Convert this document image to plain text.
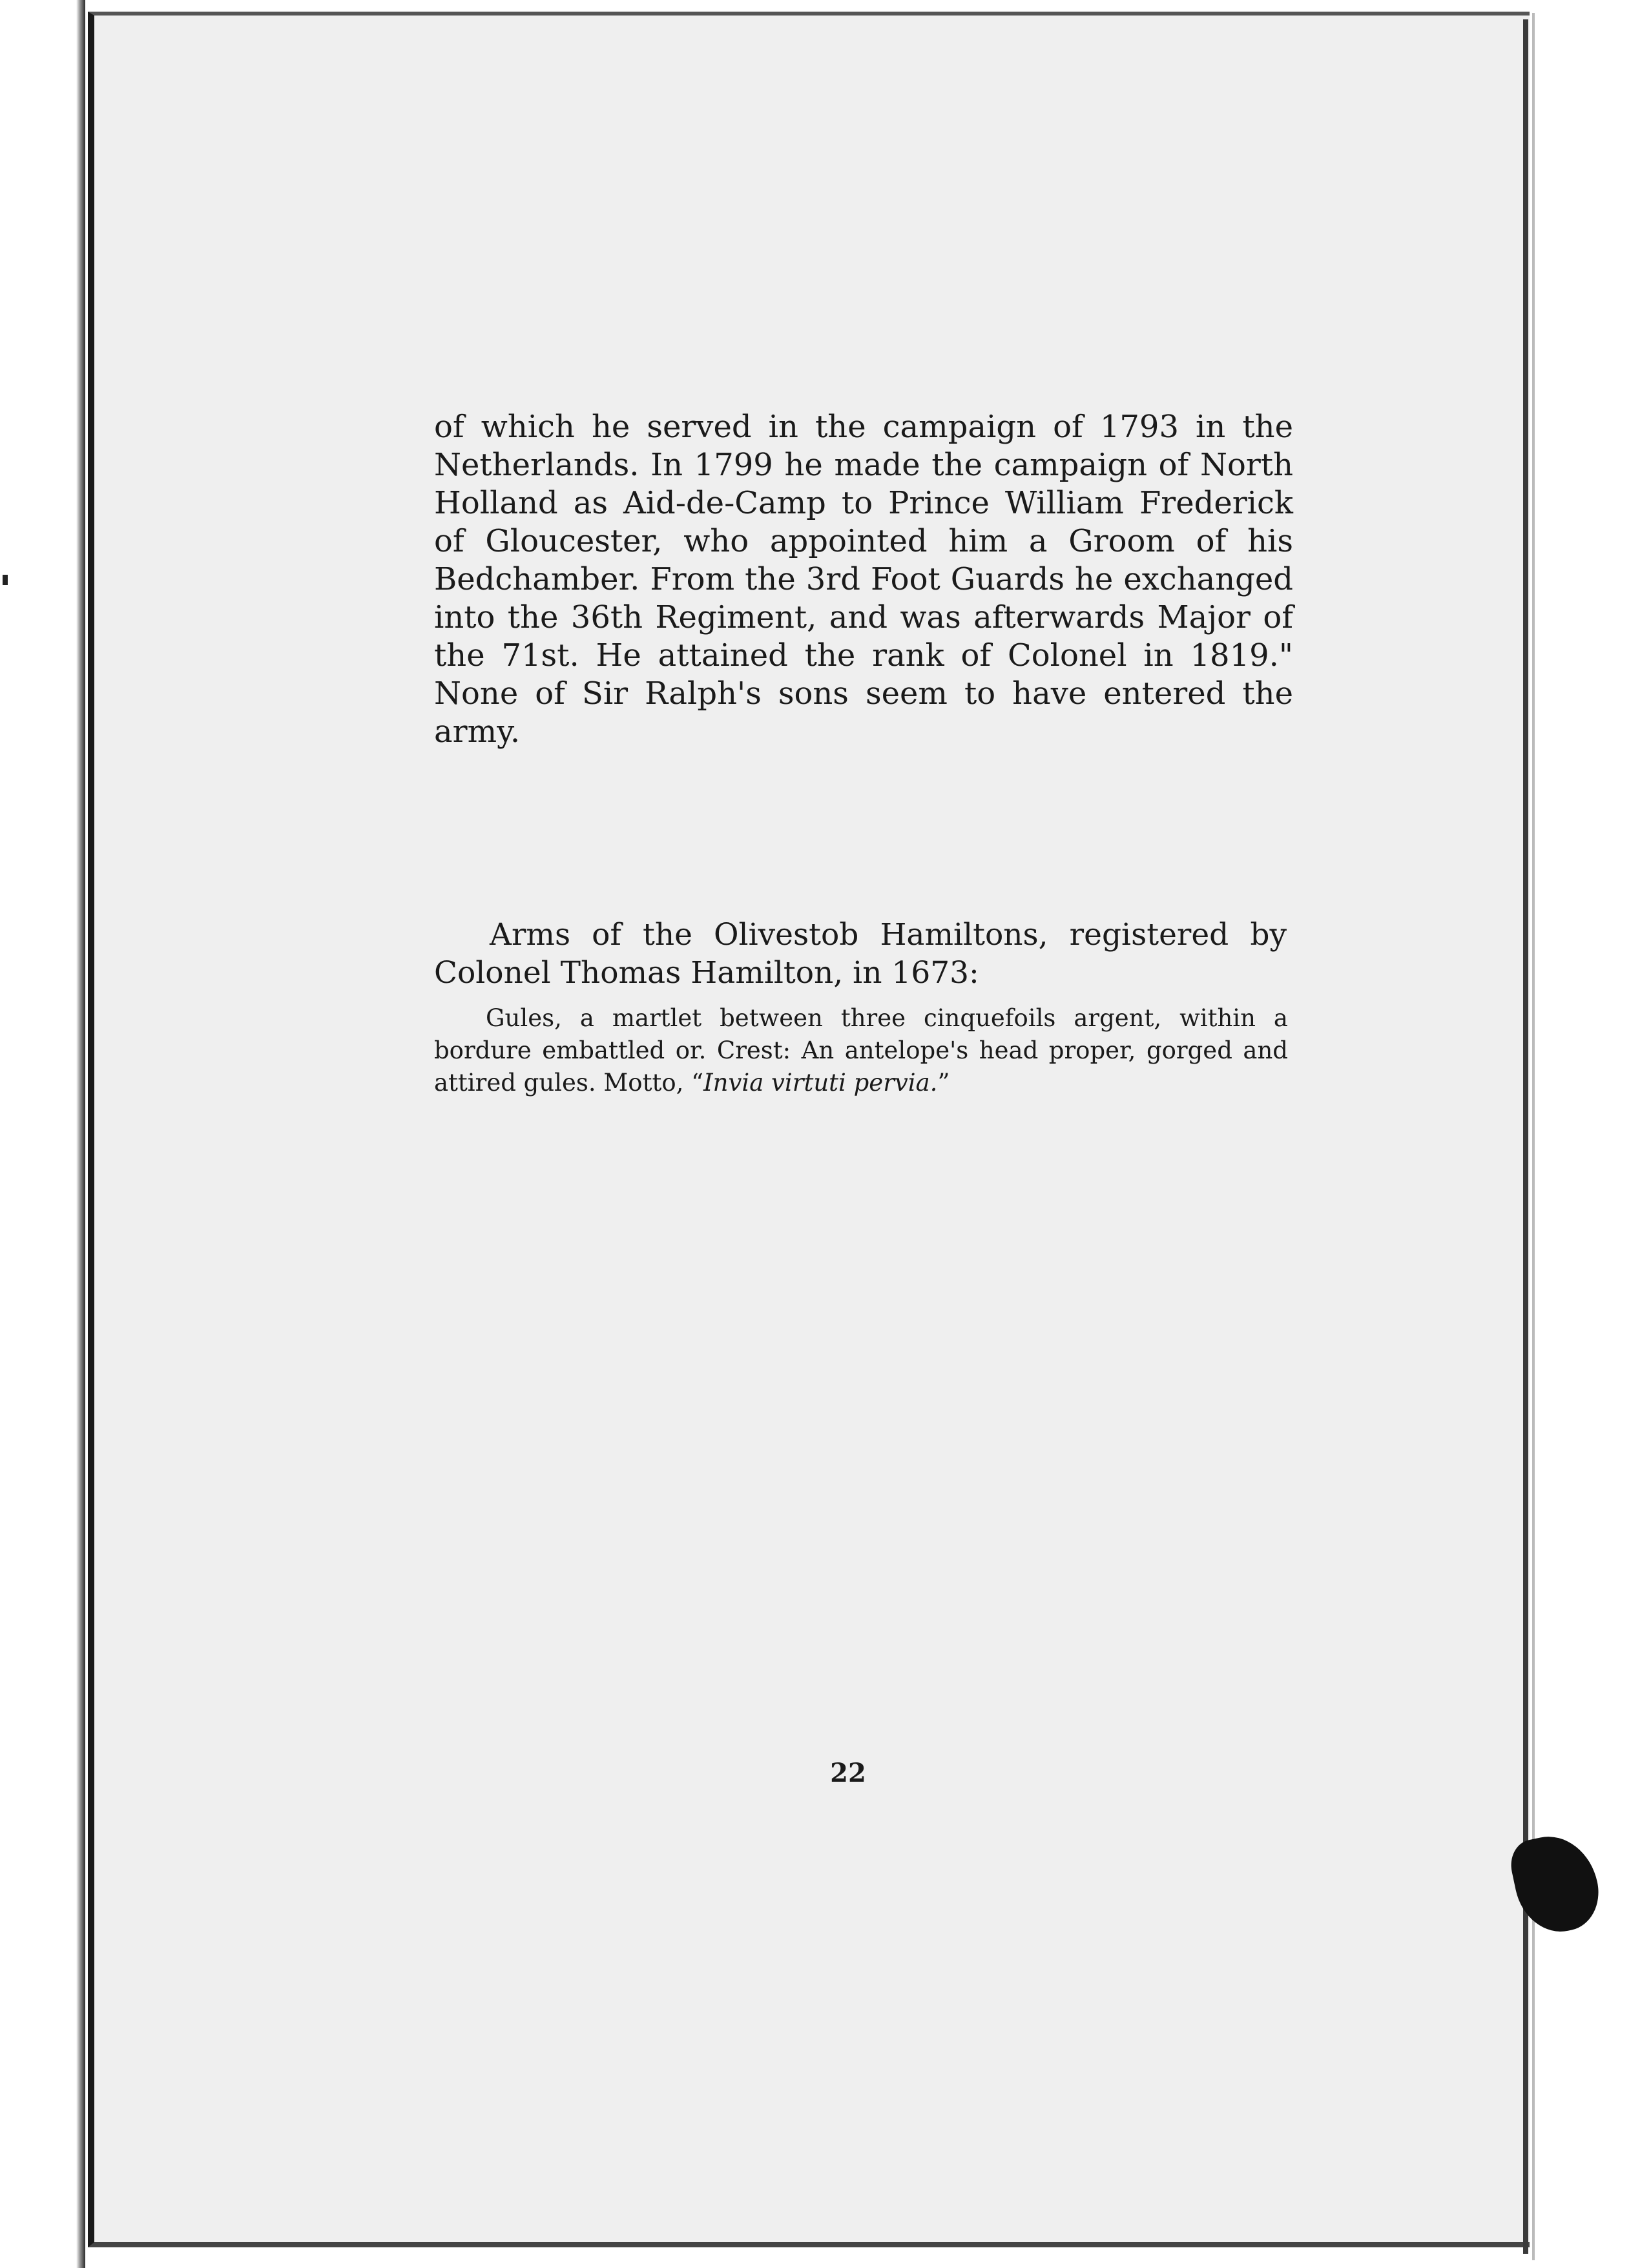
of which he served in the campaign of 1793 in the Netherlands. In 1799 he made the campaign of North Holland as Aid-de-Camp to Prince William Frederick of Gloucester, who appointed him a Groom of his Bedchamber. From the 3rd Foot Guards he exchanged into the 36th Regiment, and was afterwards Major of the 71st. He attained the rank of Colonel in 1819." None of Sir Ralph's sons seem to have entered the army.

Arms of the Olivestob Hamiltons, registered by Colonel Thomas Hamilton, in 1673:

Gules, a martlet between three cinquefoils argent, within a bordure embattled or. Crest: An antelope's head proper, gorged and attired gules. Motto, “Invia virtuti pervia.”

22
